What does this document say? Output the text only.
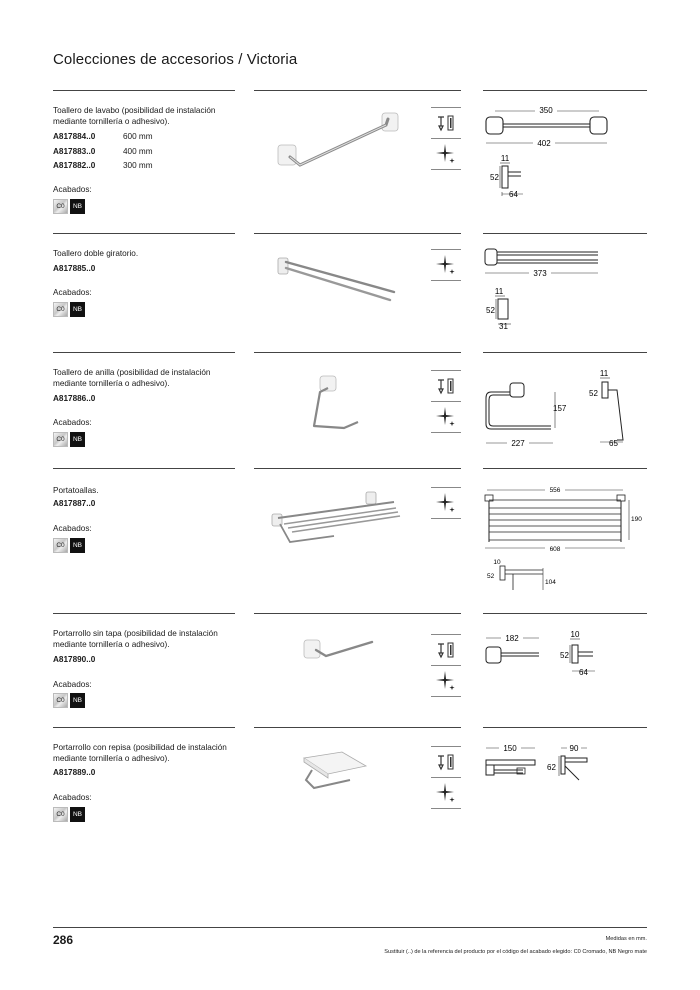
Colecciones de accesorios / Victoria
Toallero de lavabo (posibilidad de instalación mediante tornillería o adhesivo).
A817884..0	600 mm
A817883..0	400 mm
A817882..0	300 mm
Acabados:
C0	NB
350
402
11
52
64
Toallero doble giratorio.
A817885..0
Acabados:
C0	NB
373
11
52
31
Toallero de anilla (posibilidad de instalación mediante tornillería o adhesivo).
A817886..0
Acabados:
C0	NB
157
227
11
52
65
Portatoallas.
A817887..0
Acabados:
C0	NB
556
190
608
10
52
104
Portarrollo sin tapa (posibilidad de instalación mediante tornillería o adhesivo).
A817890..0
Acabados:
C0	NB
182	10
52
64
Portarrollo con repisa (posibilidad de instalación mediante tornillería o adhesivo).
A817889..0
Acabados:
C0	NB
150	90
62
286	Medidas en mm.
Sustituir (..) de la referencia del producto por el código del acabado elegido: C0 Cromado, NB Negro mate
